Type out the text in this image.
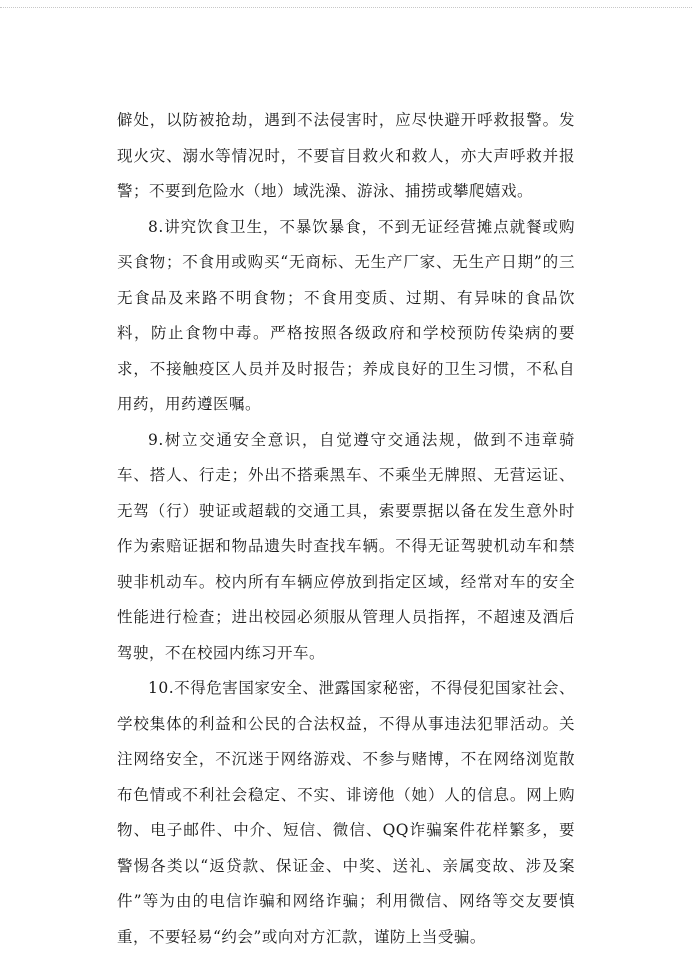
僻处，以防被抢劫，遇到不法侵害时，应尽快避开呼救报警。发现火灾、溺水等情况时，不要盲目救火和救人，亦大声呼救并报警；不要到危险水（地）域洗澡、游泳、捕捞或攀爬嬉戏。

8.讲究饮食卫生，不暴饮暴食，不到无证经营摊点就餐或购买食物；不食用或购买“无商标、无生产厂家、无生产日期”的三无食品及来路不明食物；不食用变质、过期、有异味的食品饮料，防止食物中毒。严格按照各级政府和学校预防传染病的要求，不接触疫区人员并及时报告；养成良好的卫生习惯，不私自用药，用药遵医嘱。

9.树立交通安全意识，自觉遵守交通法规，做到不违章骑车、搭人、行走；外出不搭乘黑车、不乘坐无牌照、无营运证、无驾（行）驶证或超载的交通工具，索要票据以备在发生意外时作为索赔证据和物品遗失时查找车辆。不得无证驾驶机动车和禁驶非机动车。校内所有车辆应停放到指定区域，经常对车的安全性能进行检查；进出校园必须服从管理人员指挥，不超速及酒后驾驶，不在校园内练习开车。

10.不得危害国家安全、泄露国家秘密，不得侵犯国家社会、学校集体的利益和公民的合法权益，不得从事违法犯罪活动。关注网络安全，不沉迷于网络游戏、不参与赌博，不在网络浏览散布色情或不利社会稳定、不实、诽谤他（她）人的信息。网上购物、电子邮件、中介、短信、微信、QQ诈骗案件花样繁多，要警惕各类以“返贷款、保证金、中奖、送礼、亲属变故、涉及案件”等为由的电信诈骗和网络诈骗；利用微信、网络等交友要慎重，不要轻易“约会”或向对方汇款，谨防上当受骗。
